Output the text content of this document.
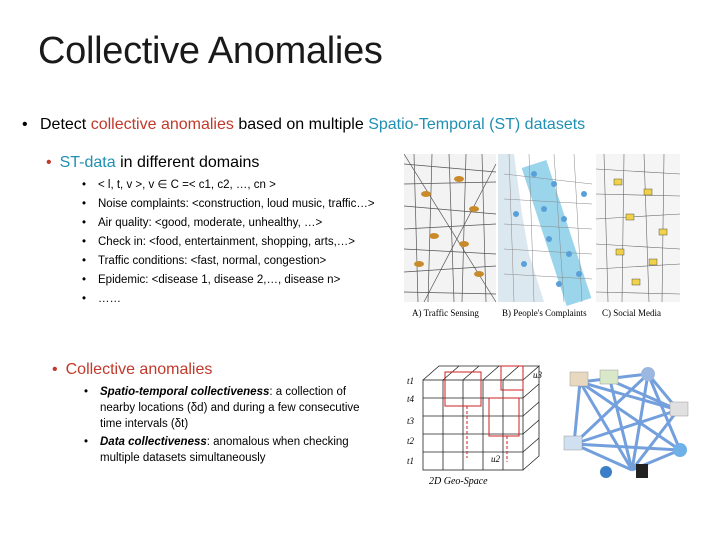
Collective Anomalies
• Detect collective anomalies based on multiple Spatio-Temporal (ST) datasets
• ST-data in different domains
• < l, t, v >, v ∈ C =< c1, c2, …, cn >
• Noise complaints: <construction, loud music, traffic…>
• Air quality: <good, moderate, unhealthy, …>
• Check in: <food, entertainment, shopping, arts,…>
• Traffic conditions: <fast, normal, congestion>
• Epidemic: <disease 1, disease 2,…, disease n>
• ……
• Collective anomalies
• Spatio-temporal collectiveness: a collection of nearby locations (δd) and during a few consecutive time intervals (δt)
• Data collectiveness: anomalous when checking multiple datasets simultaneously
A) Traffic Sensing	B) People's Complaints C) Social Media
t1
t4
t3
t2
t1
u3
u2
2D Geo-Space
